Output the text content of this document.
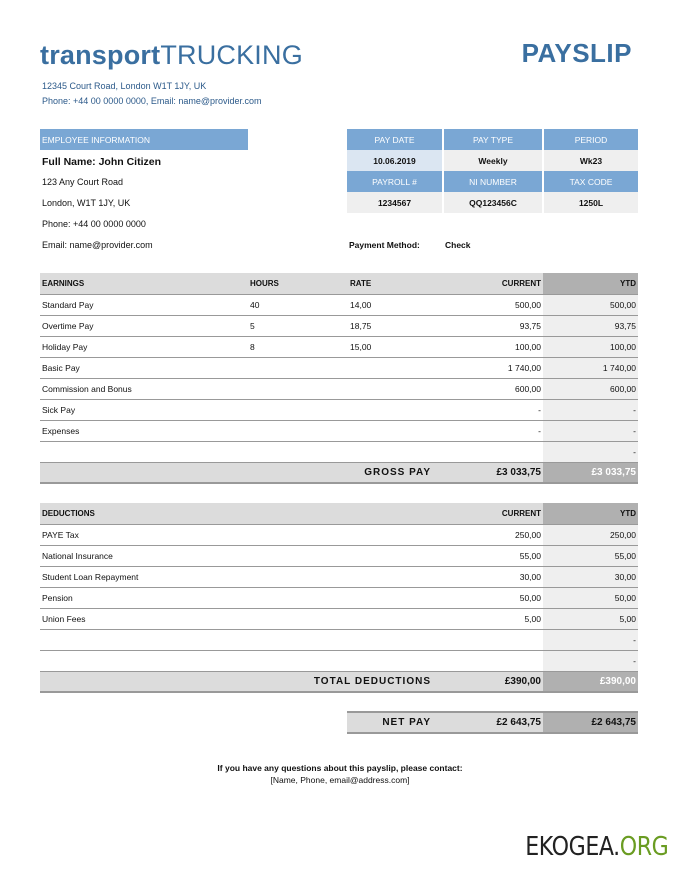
transportTRUCKING	PAYSLIP
12345 Court Road, London W1T 1JY, UK
Phone: +44 00 0000 0000, Email: name@provider.com
EMPLOYEE INFORMATION
Full Name: John Citizen
123 Any Court Road
London, W1T 1JY, UK
Phone: +44 00 0000 0000
Email: name@provider.com
PAY DATE	PAY TYPE	PERIOD
10.06.2019	Weekly	Wk23
PAYROLL #	NI NUMBER	TAX CODE
1234567	QQ123456C	1250L
Payment Method:	Check
EARNINGS	HOURS	RATE	CURRENT	YTD
Standard Pay	40	14,00	500,00	500,00
Overtime Pay	5	18,75	93,75	93,75
Holiday Pay	8	15,00	100,00	100,00
Basic Pay			1 740,00	1 740,00
Commission and Bonus			600,00	600,00
Sick Pay			-	-
Expenses			-	-
				-
GROSS PAY			£3 033,75	£3 033,75
DEDUCTIONS	CURRENT	YTD
PAYE Tax	250,00	250,00
National Insurance	55,00	55,00
Student Loan Repayment	30,00	30,00
Pension	50,00	50,00
Union Fees	5,00	5,00
		-
		-
TOTAL DEDUCTIONS	£390,00	£390,00
NET PAY	£2 643,75	£2 643,75
If you have any questions about this payslip, please contact:
[Name, Phone, email@address.com]
EKOGEA.ORG
